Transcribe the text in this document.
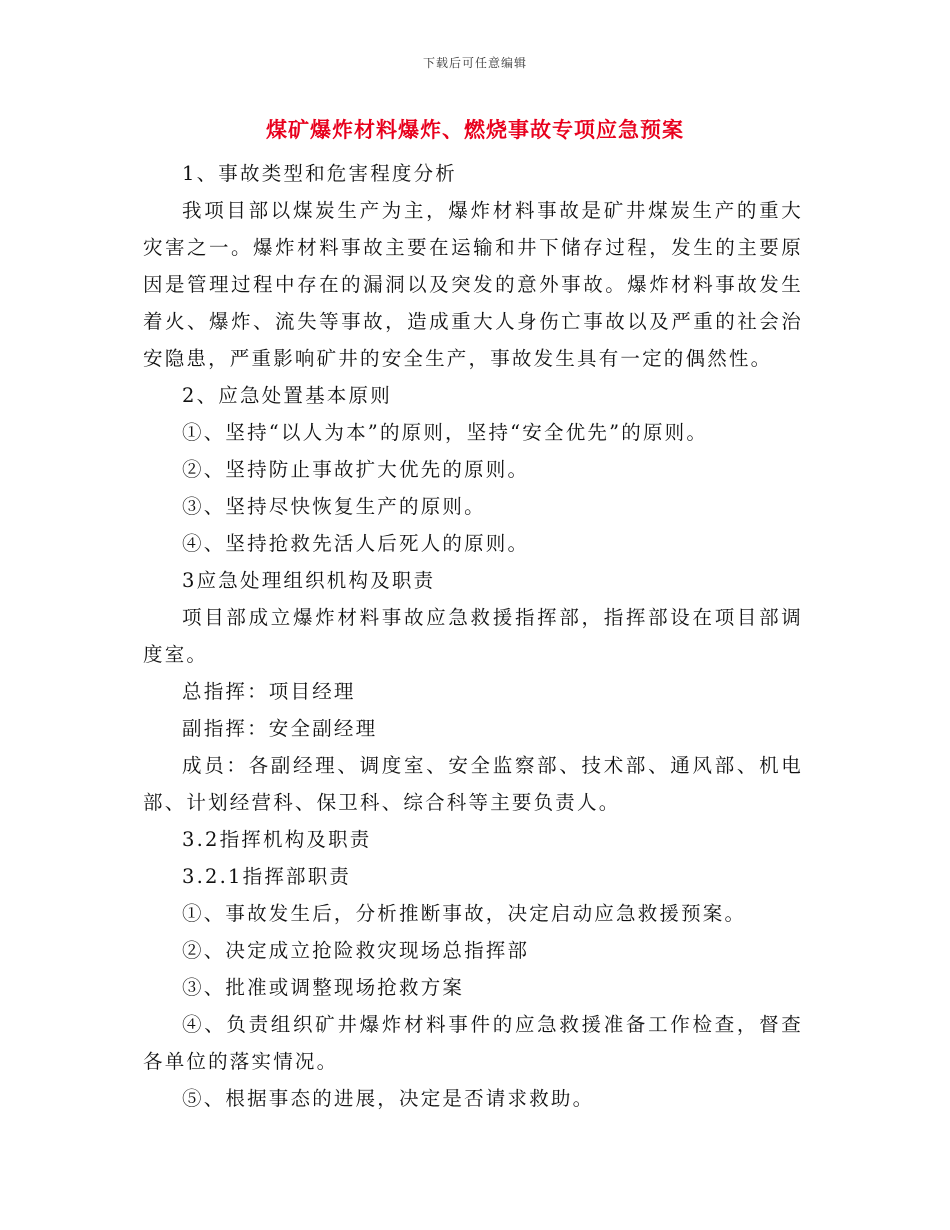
下载后可任意编辑
煤矿爆炸材料爆炸、燃烧事故专项应急预案

1、事故类型和危害程度分析

我项目部以煤炭生产为主，爆炸材料事故是矿井煤炭生产的重大灾害之一。爆炸材料事故主要在运输和井下储存过程，发生的主要原因是管理过程中存在的漏洞以及突发的意外事故。爆炸材料事故发生着火、爆炸、流失等事故，造成重大人身伤亡事故以及严重的社会治安隐患，严重影响矿井的安全生产，事故发生具有一定的偶然性。

2、应急处置基本原则

①、坚持“以人为本”的原则，坚持“安全优先”的原则。

②、坚持防止事故扩大优先的原则。

③、坚持尽快恢复生产的原则。

④、坚持抢救先活人后死人的原则。

3应急处理组织机构及职责

项目部成立爆炸材料事故应急救援指挥部，指挥部设在项目部调度室。

总指挥：项目经理

副指挥：安全副经理

成员：各副经理、调度室、安全监察部、技术部、通风部、机电部、计划经营科、保卫科、综合科等主要负责人。

3.2指挥机构及职责

3.2.1指挥部职责

①、事故发生后，分析推断事故，决定启动应急救援预案。

②、决定成立抢险救灾现场总指挥部

③、批准或调整现场抢救方案

④、负责组织矿井爆炸材料事件的应急救援准备工作检查，督查各单位的落实情况。

⑤、根据事态的进展，决定是否请求救助。
